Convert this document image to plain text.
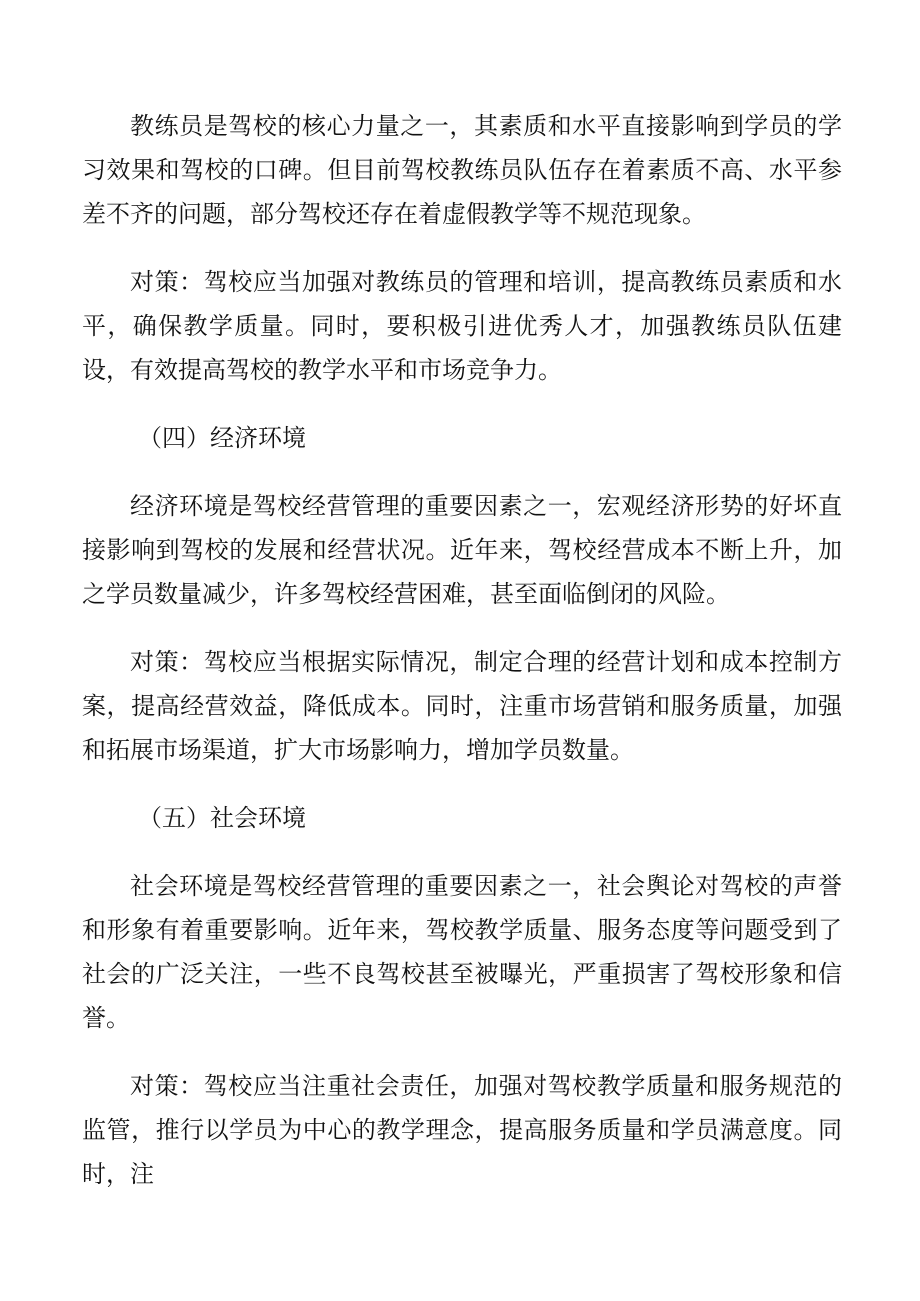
教练员是驾校的核心力量之一，其素质和水平直接影响到学员的学习效果和驾校的口碑。但目前驾校教练员队伍存在着素质不高、水平参差不齐的问题，部分驾校还存在着虚假教学等不规范现象。

对策：驾校应当加强对教练员的管理和培训，提高教练员素质和水平，确保教学质量。同时，要积极引进优秀人才，加强教练员队伍建设，有效提高驾校的教学水平和市场竞争力。

（四）经济环境

经济环境是驾校经营管理的重要因素之一，宏观经济形势的好坏直接影响到驾校的发展和经营状况。近年来，驾校经营成本不断上升，加之学员数量减少，许多驾校经营困难，甚至面临倒闭的风险。

对策：驾校应当根据实际情况，制定合理的经营计划和成本控制方案，提高经营效益，降低成本。同时，注重市场营销和服务质量，加强和拓展市场渠道，扩大市场影响力，增加学员数量。

（五）社会环境

社会环境是驾校经营管理的重要因素之一，社会舆论对驾校的声誉和形象有着重要影响。近年来，驾校教学质量、服务态度等问题受到了社会的广泛关注，一些不良驾校甚至被曝光，严重损害了驾校形象和信誉。

对策：驾校应当注重社会责任，加强对驾校教学质量和服务规范的监管，推行以学员为中心的教学理念，提高服务质量和学员满意度。同时，注
